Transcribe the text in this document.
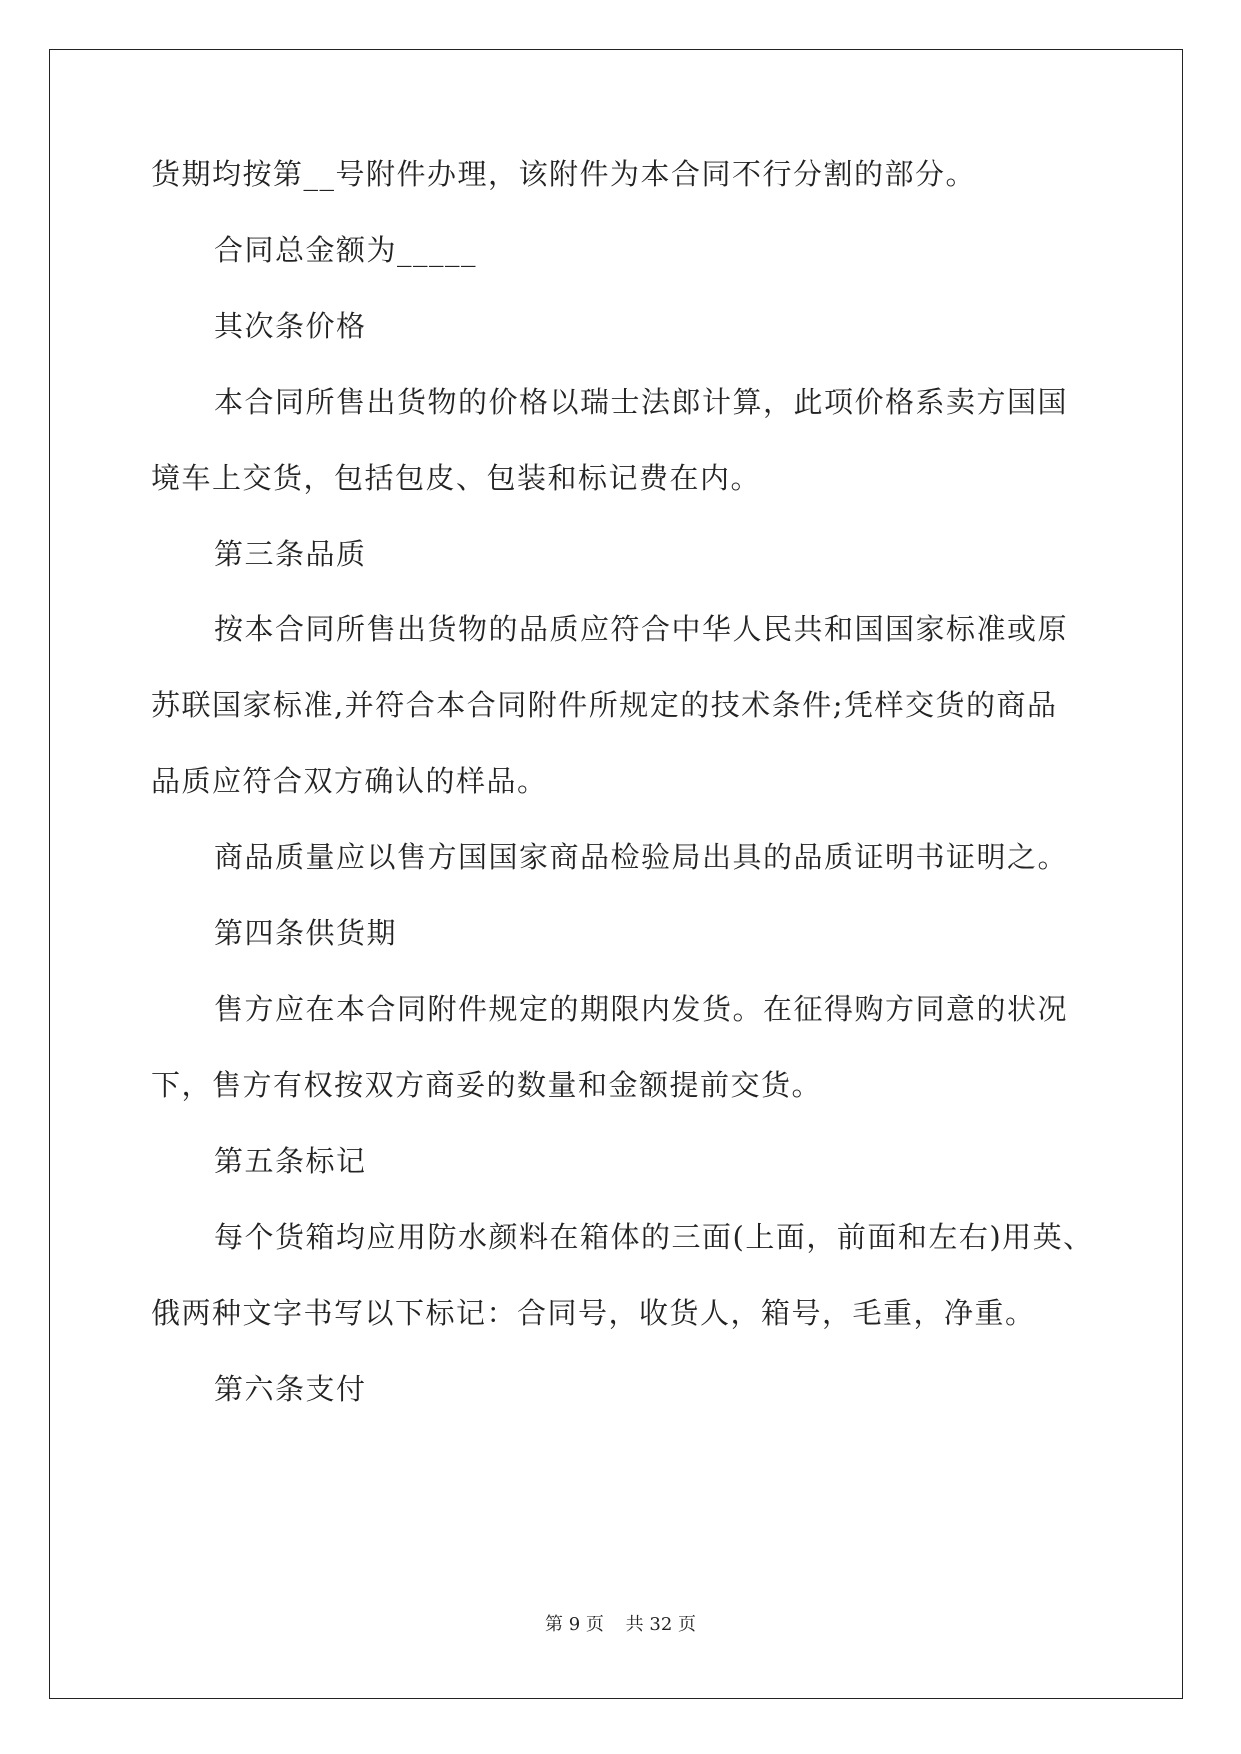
货期均按第__号附件办理，该附件为本合同不行分割的部分。
合同总金额为_____
其次条价格
本合同所售出货物的价格以瑞士法郎计算，此项价格系卖方国国
境车上交货，包括包皮、包装和标记费在内。
第三条品质
按本合同所售出货物的品质应符合中华人民共和国国家标准或原
苏联国家标准,并符合本合同附件所规定的技术条件;凭样交货的商品
品质应符合双方确认的样品。
商品质量应以售方国国家商品检验局出具的品质证明书证明之。
第四条供货期
售方应在本合同附件规定的期限内发货。在征得购方同意的状况
下，售方有权按双方商妥的数量和金额提前交货。
第五条标记
每个货箱均应用防水颜料在箱体的三面(上面，前面和左右)用英、
俄两种文字书写以下标记：合同号，收货人，箱号，毛重，净重。
第六条支付
第 9 页 共 32 页
